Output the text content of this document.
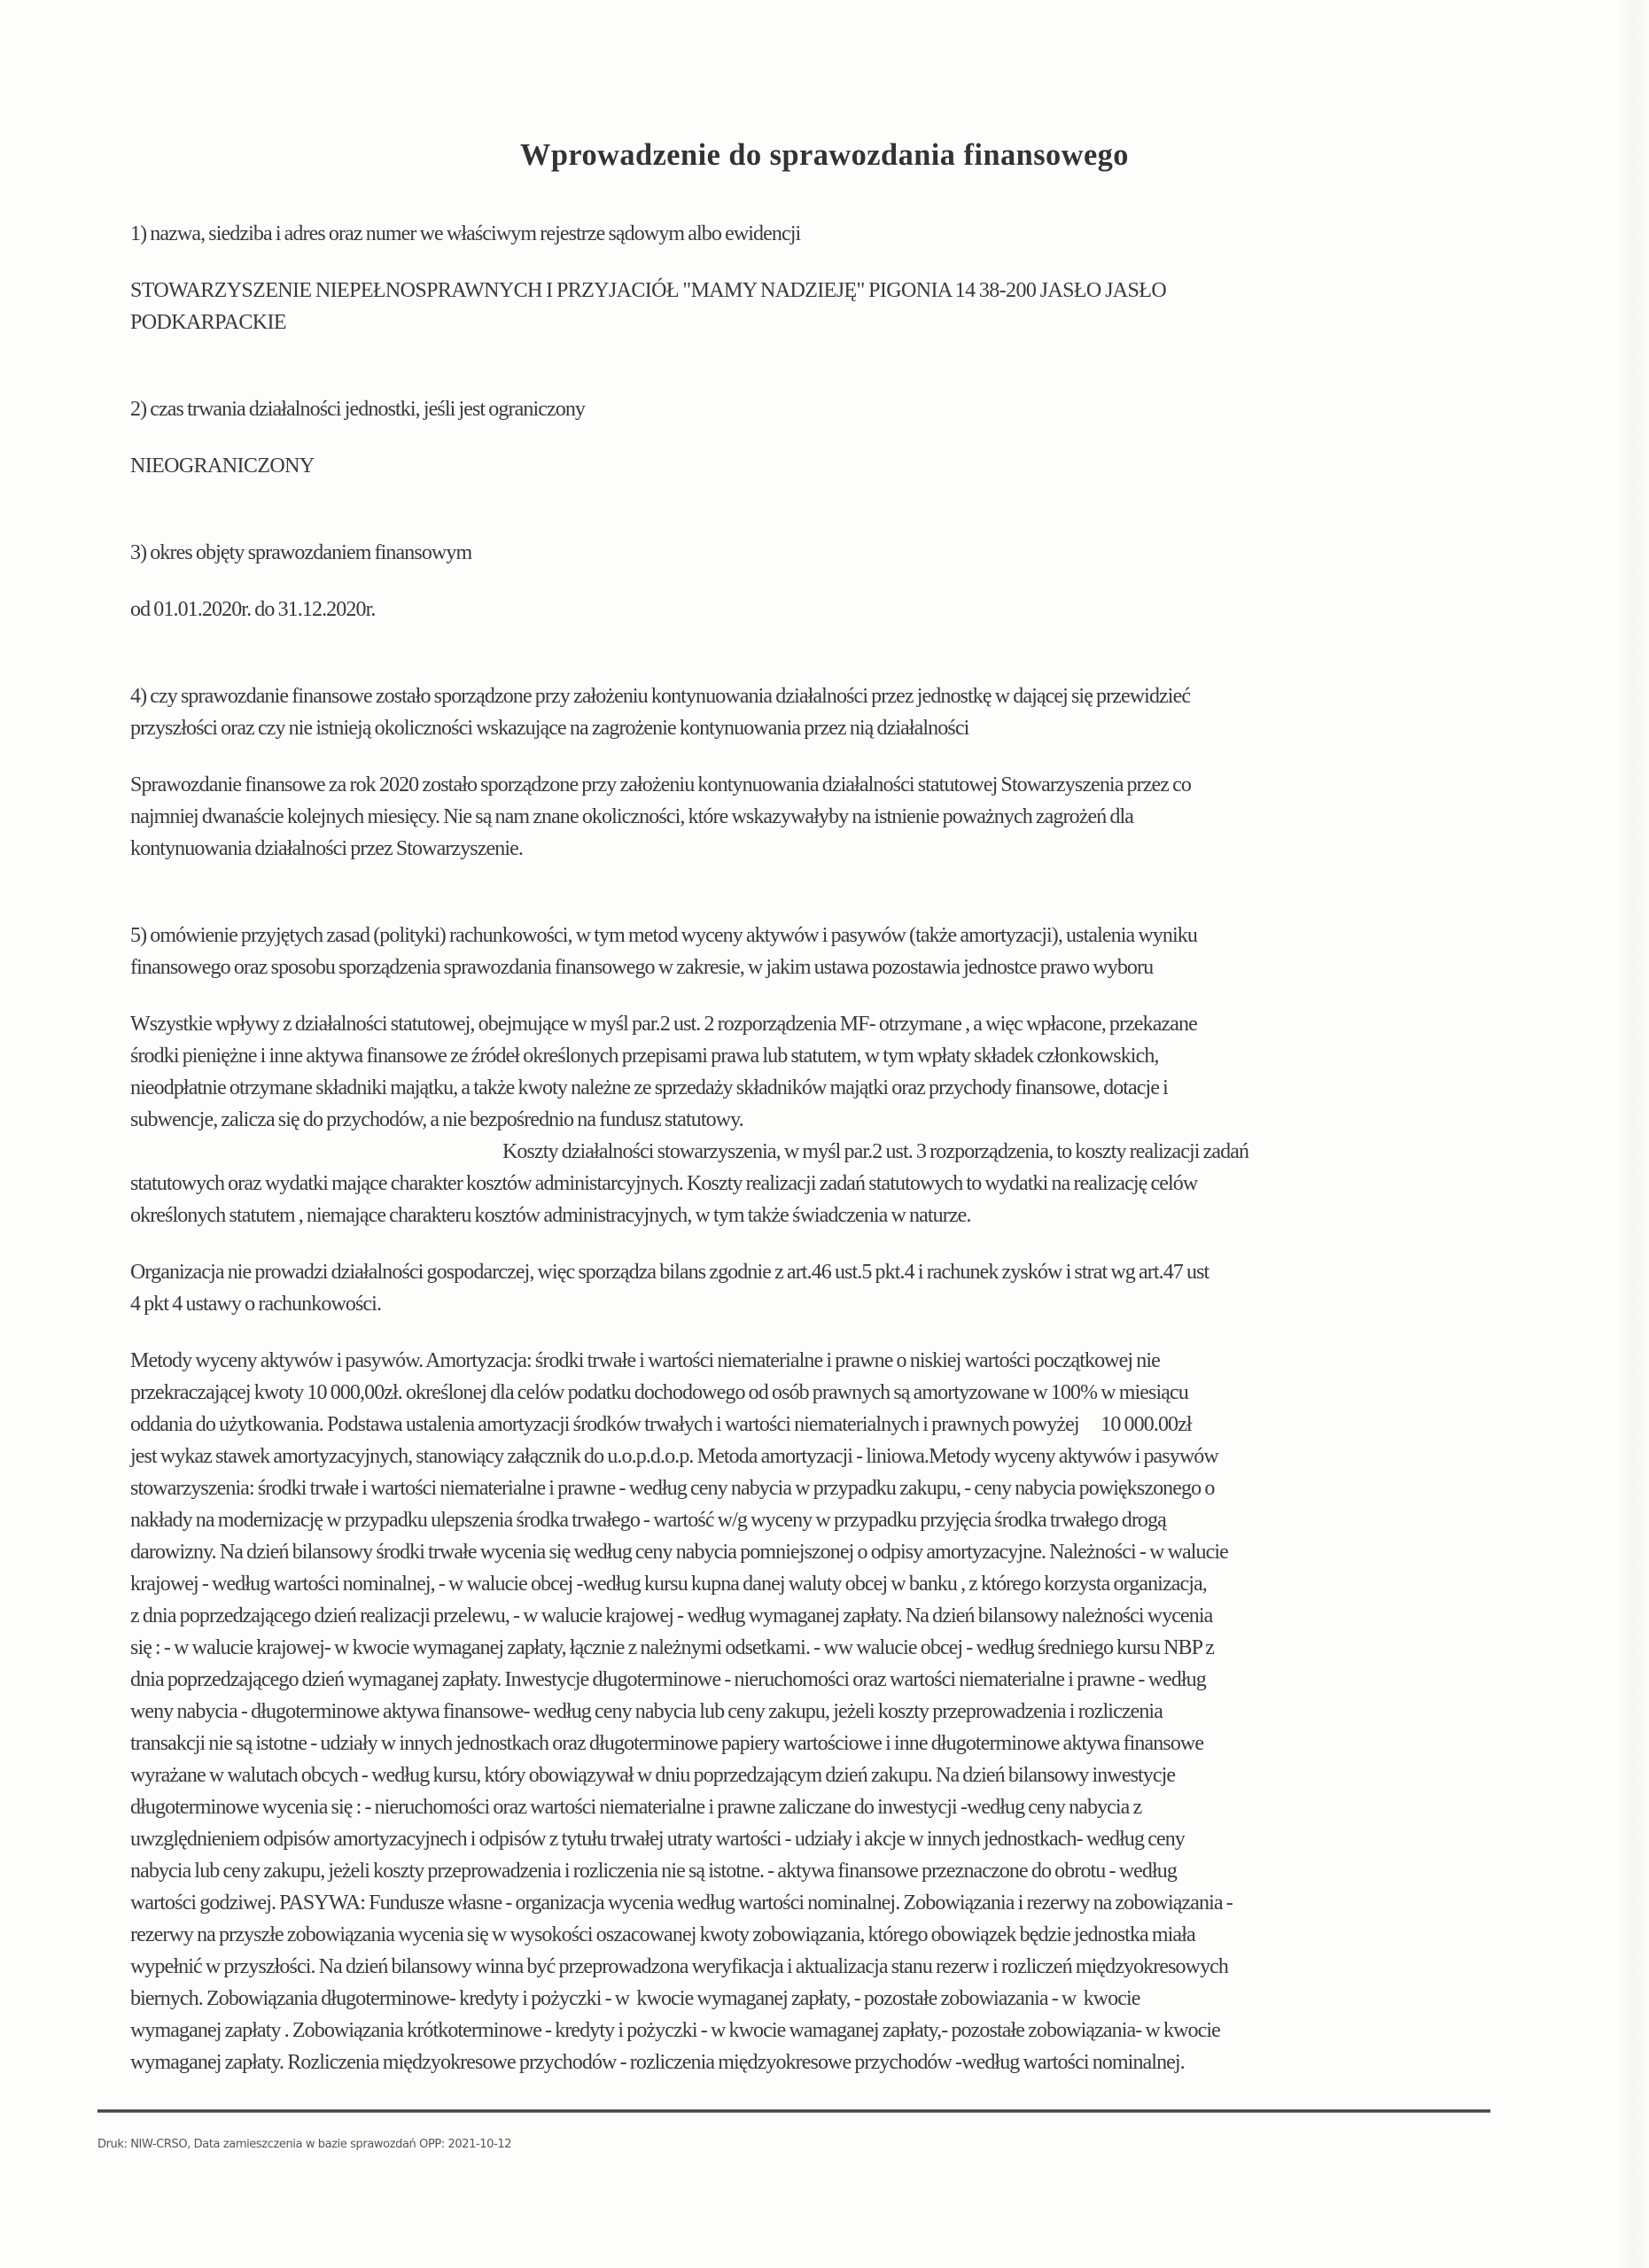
Wprowadzenie do sprawozdania finansowego

1) nazwa, siedziba i adres oraz numer we właściwym rejestrze sądowym albo ewidencji

STOWARZYSZENIE NIEPEŁNOSPRAWNYCH I PRZYJACIÓŁ "MAMY NADZIEJĘ" PIGONIA 14 38-200 JASŁO JASŁO

PODKARPACKIE

2) czas trwania działalności jednostki, jeśli jest ograniczony

NIEOGRANICZONY

3) okres objęty sprawozdaniem finansowym

od 01.01.2020r. do 31.12.2020r.

4) czy sprawozdanie finansowe zostało sporządzone przy założeniu kontynuowania działalności przez jednostkę w dającej się przewidzieć

przyszłości oraz czy nie istnieją okoliczności wskazujące na zagrożenie kontynuowania przez nią działalności

Sprawozdanie finansowe za rok 2020 zostało sporządzone przy założeniu kontynuowania działalności statutowej Stowarzyszenia przez co

najmniej dwanaście kolejnych miesięcy. Nie są nam znane okoliczności, które wskazywałyby na istnienie poważnych zagrożeń dla

kontynuowania działalności przez Stowarzyszenie.

5) omówienie przyjętych zasad (polityki) rachunkowości, w tym metod wyceny aktywów i pasywów (także amortyzacji), ustalenia wyniku

finansowego oraz sposobu sporządzenia sprawozdania finansowego w zakresie, w jakim ustawa pozostawia jednostce prawo wyboru

Wszystkie wpływy z działalności statutowej, obejmujące w myśl par.2 ust. 2 rozporządzenia MF- otrzymane , a więc wpłacone, przekazane

środki pieniężne i inne aktywa finansowe ze źródeł określonych przepisami prawa lub statutem, w tym wpłaty składek członkowskich,

nieodpłatnie otrzymane składniki majątku, a także kwoty należne ze sprzedaży składników majątki oraz przychody finansowe, dotacje i

subwencje, zalicza się do przychodów, a nie bezpośrednio na fundusz statutowy.

Koszty działalności stowarzyszenia, w myśl par.2 ust. 3 rozporządzenia, to koszty realizacji zadań

statutowych oraz wydatki mające charakter kosztów administarcyjnych. Koszty realizacji zadań statutowych to wydatki na realizację celów

określonych statutem , niemające charakteru kosztów administracyjnych, w tym także świadczenia w naturze.

Organizacja nie prowadzi działalności gospodarczej, więc sporządza bilans zgodnie z art.46 ust.5 pkt.4 i rachunek zysków i strat wg art.47 ust

4 pkt 4 ustawy o rachunkowości.

Metody wyceny aktywów i pasywów. Amortyzacja: środki trwałe i wartości niematerialne i prawne o niskiej wartości początkowej nie

przekraczającej kwoty 10 000,00zł. określonej dla celów podatku dochodowego od osób prawnych są amortyzowane w 100% w miesiącu

oddania do użytkowania. Podstawa ustalenia amortyzacji środków trwałych i wartości niematerialnych i prawnych powyżej      10 000.00zł

jest wykaz stawek amortyzacyjnych, stanowiący załącznik do u.o.p.d.o.p. Metoda amortyzacji - liniowa.Metody wyceny aktywów i pasywów

stowarzyszenia: środki trwałe i wartości niematerialne i prawne - według ceny nabycia w przypadku zakupu, - ceny nabycia powiększonego o

nakłady na modernizację w przypadku ulepszenia środka trwałego - wartość w/g wyceny w przypadku przyjęcia środka trwałego drogą

darowizny. Na dzień bilansowy środki trwałe wycenia się według ceny nabycia pomniejszonej o odpisy amortyzacyjne. Należności - w walucie

krajowej - według wartości nominalnej, - w walucie obcej -według kursu kupna danej waluty obcej w banku , z którego korzysta organizacja,

z dnia poprzedzającego dzień realizacji przelewu, - w walucie krajowej - według wymaganej zapłaty. Na dzień bilansowy należności wycenia

się : - w walucie krajowej- w kwocie wymaganej zapłaty, łącznie z należnymi odsetkami. - ww walucie obcej - według średniego kursu NBP z

dnia poprzedzającego dzień wymaganej zapłaty. Inwestycje długoterminowe - nieruchomości oraz wartości niematerialne i prawne - według

weny nabycia - długoterminowe aktywa finansowe- według ceny nabycia lub ceny zakupu, jeżeli koszty przeprowadzenia i rozliczenia

transakcji nie są istotne - udziały w innych jednostkach oraz długoterminowe papiery wartościowe i inne długoterminowe aktywa finansowe

wyrażane w walutach obcych - według kursu, który obowiązywał w dniu poprzedzającym dzień zakupu. Na dzień bilansowy inwestycje

długoterminowe wycenia się : - nieruchomości oraz wartości niematerialne i prawne zaliczane do inwestycji -według ceny nabycia z

uwzględnieniem odpisów amortyzacyjnech i odpisów z tytułu trwałej utraty wartości - udziały i akcje w innych jednostkach- według ceny

nabycia lub ceny zakupu, jeżeli koszty przeprowadzenia i rozliczenia nie są istotne. - aktywa finansowe przeznaczone do obrotu - według

wartości godziwej. PASYWA: Fundusze własne - organizacja wycenia według wartości nominalnej. Zobowiązania i rezerwy na zobowiązania -

rezerwy na przyszłe zobowiązania wycenia się w wysokości oszacowanej kwoty zobowiązania, którego obowiązek będzie jednostka miała

wypełnić w przyszłości. Na dzień bilansowy winna być przeprowadzona weryfikacja i aktualizacja stanu rezerw i rozliczeń międzyokresowych

biernych. Zobowiązania długoterminowe- kredyty i pożyczki - w  kwocie wymaganej zapłaty, - pozostałe zobowiazania - w  kwocie

wymaganej zapłaty . Zobowiązania krótkoterminowe - kredyty i pożyczki - w kwocie wamaganej zapłaty,- pozostałe zobowiązania- w kwocie

wymaganej zapłaty. Rozliczenia międzyokresowe przychodów - rozliczenia międzyokresowe przychodów -według wartości nominalnej.

Druk: NIW-CRSO, Data zamieszczenia w bazie sprawozdań OPP: 2021-10-12
